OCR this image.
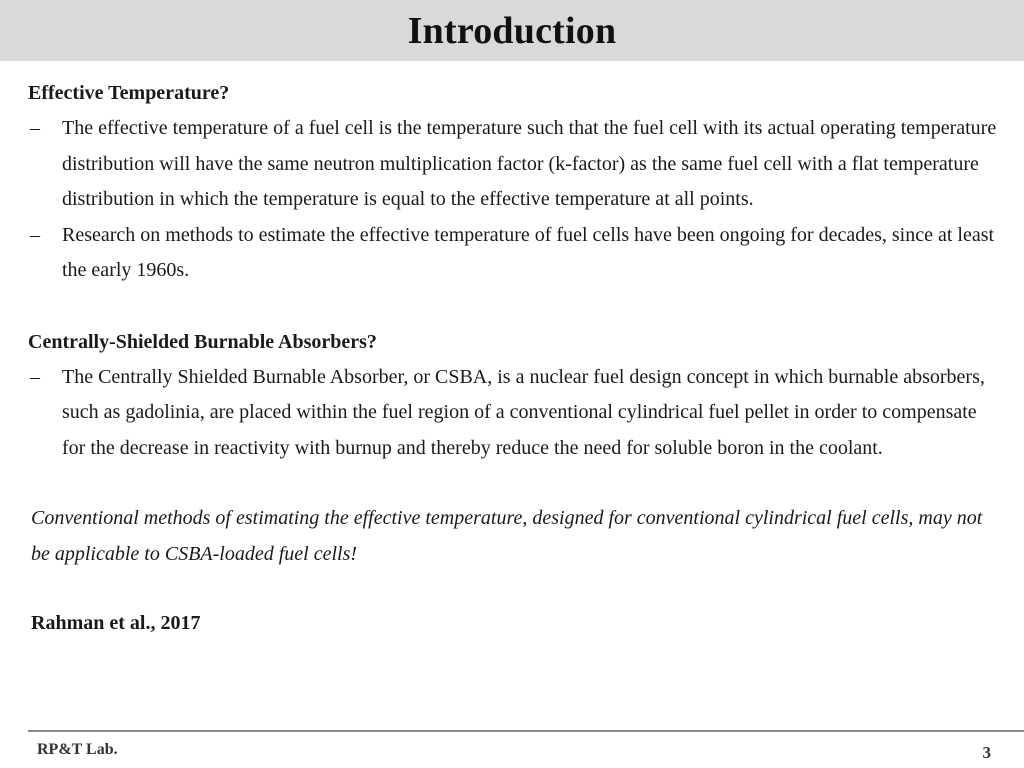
Introduction

Effective Temperature?

– The effective temperature of a fuel cell is the temperature such that the fuel cell with its actual operating temperature distribution will have the same neutron multiplication factor (k-factor) as the same fuel cell with a flat temperature distribution in which the temperature is equal to the effective temperature at all points.

– Research on methods to estimate the effective temperature of fuel cells have been ongoing for decades, since at least the early 1960s.

Centrally-Shielded Burnable Absorbers?

– The Centrally Shielded Burnable Absorber, or CSBA, is a nuclear fuel design concept in which burnable absorbers, such as gadolinia, are placed within the fuel region of a conventional cylindrical fuel pellet in order to compensate for the decrease in reactivity with burnup and thereby reduce the need for soluble boron in the coolant.

Conventional methods of estimating the effective temperature, designed for conventional cylindrical fuel cells, may not be applicable to CSBA-loaded fuel cells!

Rahman et al., 2017

RP&T Lab.	3
